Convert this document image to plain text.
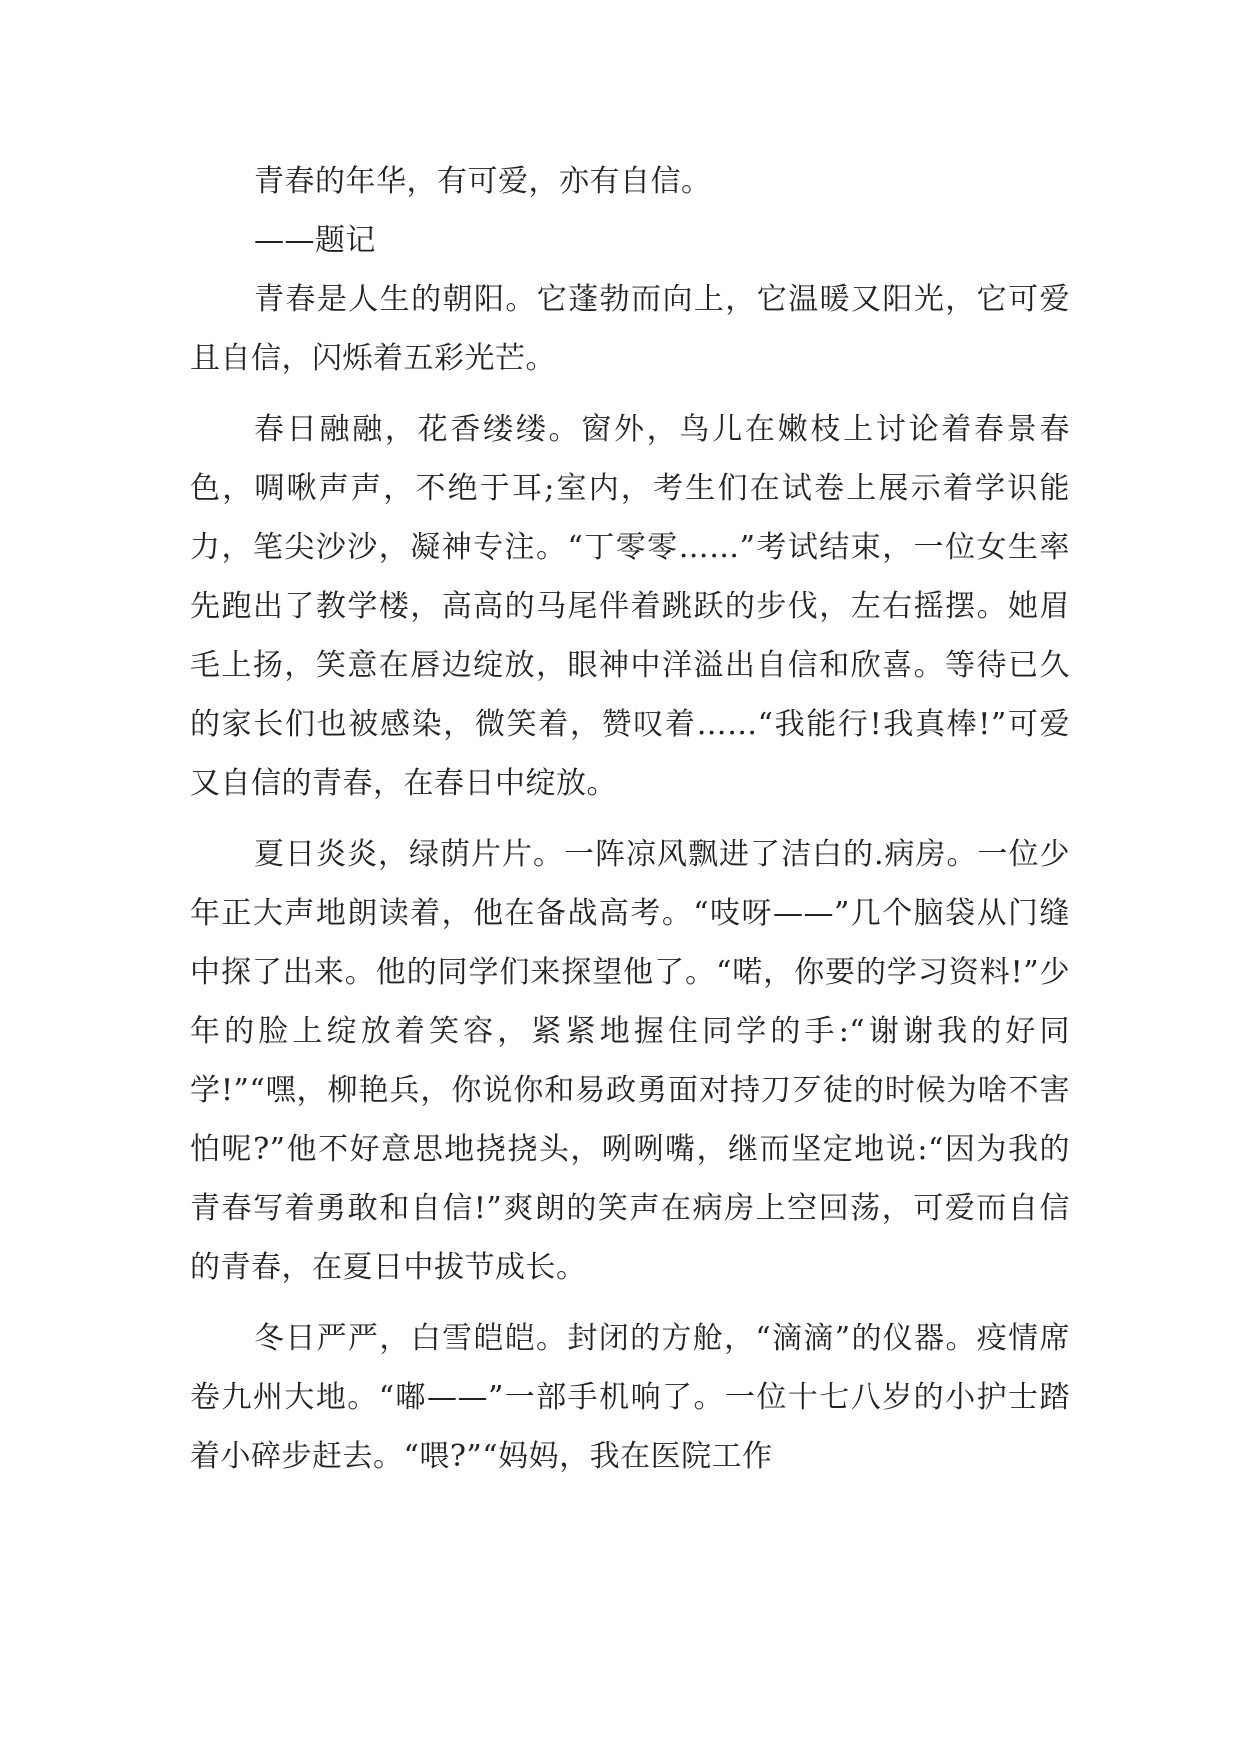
青春的年华，有可爱，亦有自信。

——题记

青春是人生的朝阳。它蓬勃而向上，它温暖又阳光，它可爱且自信，闪烁着五彩光芒。

春日融融，花香缕缕。窗外，鸟儿在嫩枝上讨论着春景春色，啁啾声声，不绝于耳;室内，考生们在试卷上展示着学识能力，笔尖沙沙，凝神专注。“丁零零……”考试结束，一位女生率先跑出了教学楼，高高的马尾伴着跳跃的步伐，左右摇摆。她眉毛上扬，笑意在唇边绽放，眼神中洋溢出自信和欣喜。等待已久的家长们也被感染，微笑着，赞叹着……“我能行!我真棒!”可爱又自信的青春，在春日中绽放。

夏日炎炎，绿荫片片。一阵凉风飘进了洁白的.病房。一位少年正大声地朗读着，他在备战高考。“吱呀——”几个脑袋从门缝中探了出来。他的同学们来探望他了。“喏，你要的学习资料!”少年的脸上绽放着笑容，紧紧地握住同学的手:“谢谢我的好同学!”“嘿，柳艳兵，你说你和易政勇面对持刀歹徒的时候为啥不害怕呢?”他不好意思地挠挠头，咧咧嘴，继而坚定地说:“因为我的青春写着勇敢和自信!”爽朗的笑声在病房上空回荡，可爱而自信的青春，在夏日中拔节成长。

冬日严严，白雪皑皑。封闭的方舱，“滴滴”的仪器。疫情席卷九州大地。“嘟——”一部手机响了。一位十七八岁的小护士踏着小碎步赶去。“喂?”“妈妈，我在医院工作
